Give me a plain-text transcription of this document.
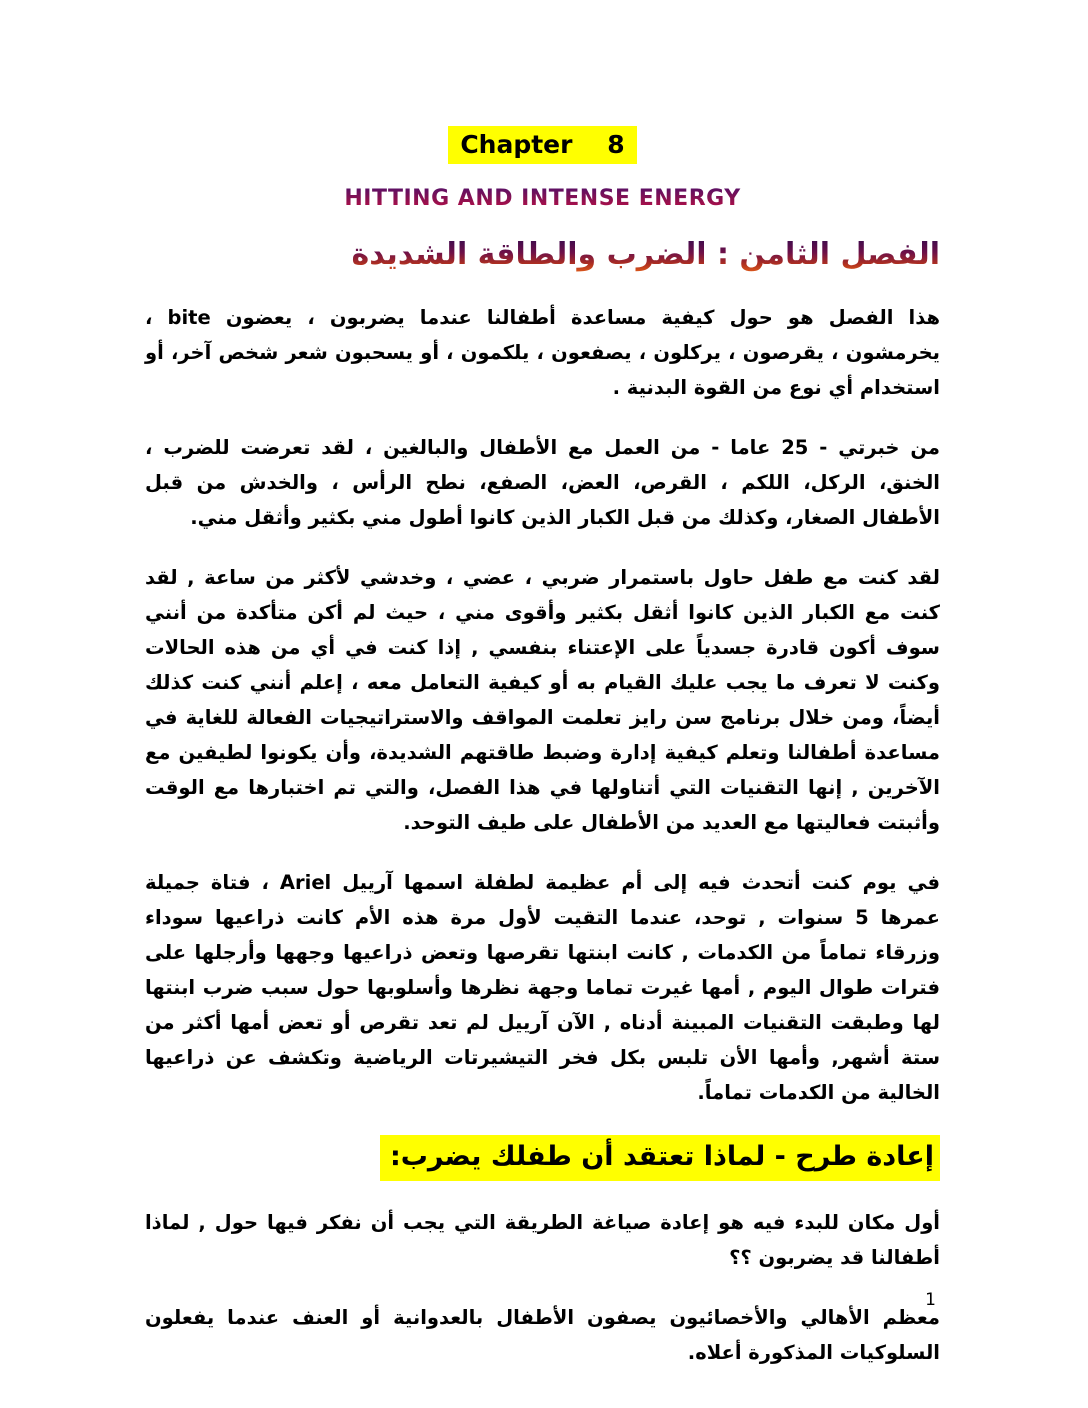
Chapter    8
HITTING AND INTENSE ENERGY
الفصل الثامن : الضرب والطاقة الشديدة

هذا الفصل هو حول كيفية مساعدة أطفالنا عندما يضربون ، يعضون bite ، يخرمشون ، يقرصون ، يركلون ، يصفعون ، يلكمون ، أو يسحبون شعر شخص آخر، أو استخدام أي نوع من القوة البدنية .

من خبرتي - 25 عاما - من العمل مع الأطفال والبالغين ، لقد تعرضت للضرب ، الخنق، الركل، اللكم ، القرص، العض، الصفع، نطح الرأس ، والخدش من قبل الأطفال الصغار، وكذلك من قبل الكبار الذين كانوا أطول مني بكثير وأثقل مني.

لقد كنت مع طفل حاول باستمرار ضربي ، عضي ، وخدشي لأكثر من ساعة , لقد كنت مع الكبار الذين كانوا أثقل بكثير وأقوى مني ، حيث لم أكن متأكدة من أنني سوف أكون قادرة جسدياً على الإعتناء بنفسي , إذا كنت في أي من هذه الحالات وكنت لا تعرف ما يجب عليك القيام به أو كيفية التعامل معه ، إعلم أنني كنت كذلك أيضاً، ومن خلال برنامج سن رايز تعلمت المواقف والاستراتيجيات الفعالة للغاية في مساعدة أطفالنا وتعلم كيفية إدارة وضبط طاقتهم الشديدة، وأن يكونوا لطيفين مع الآخرين , إنها التقنيات التي أتناولها في هذا الفصل، والتي تم اختبارها مع الوقت وأثبتت فعاليتها مع العديد من الأطفال على طيف التوحد.

في يوم كنت أتحدث فيه إلى أم عظيمة لطفلة اسمها آرييل Ariel ، فتاة جميلة عمرها 5 سنوات , توحد، عندما التقيت لأول مرة هذه الأم كانت ذراعيها سوداء وزرقاء تماماً من الكدمات , كانت ابنتها تقرصها وتعض ذراعيها وجهها وأرجلها على فترات طوال اليوم , أمها غيرت تماما وجهة نظرها وأسلوبها حول سبب ضرب ابنتها لها وطبقت التقنيات المبينة أدناه , الآن آرييل لم تعد تقرص أو تعض أمها أكثر من ستة أشهر, وأمها الأن تلبس بكل فخر التيشيرتات الرياضية وتكشف عن ذراعيها الخالية من الكدمات تماماً.

إعادة طرح - لماذا تعتقد أن طفلك يضرب:

أول مكان للبدء فيه هو إعادة صياغة الطريقة التي يجب أن نفكر فيها حول , لماذا أطفالنا قد يضربون ؟؟

معظم الأهالي والأخصائيون يصفون الأطفال بالعدوانية أو العنف عندما يفعلون السلوكيات المذكورة أعلاه.

1
